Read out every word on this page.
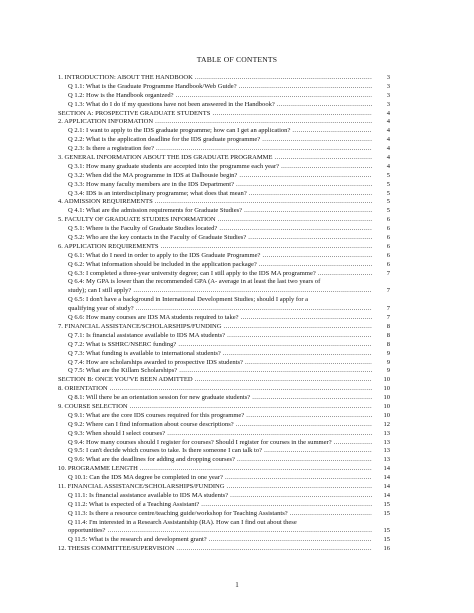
TABLE OF CONTENTS
1. INTRODUCTION: ABOUT THE HANDBOOK .....	3
Q 1.1: What is the Graduate Programme Handbook/Web Guide? .....	3
Q 1.2: How is the Handbook organized? .....	3
Q 1.3: What do I do if my questions have not been answered in the Handbook? .....	3
SECTION A: PROSPECTIVE GRADUATE STUDENTS .....	4
2. APPLICATION INFORMATION .....	4
Q 2.1: I want to apply to the IDS graduate programme; how can I get an application? .....	4
Q 2.2: What is the application deadline for the IDS graduate programme? .....	4
Q 2.3: Is there a registration fee? .....	4
3. GENERAL INFORMATION ABOUT THE IDS GRADUATE PROGRAMME .....	4
Q 3.1: How many graduate students are accepted into the programme each year? .....	4
Q 3.2: When did the MA programme in IDS at Dalhousie begin? .....	5
Q 3.3: How many faculty members are in the IDS Department? .....	5
Q 3.4: IDS is an interdisciplinary programme; what does that mean? .....	5
4. ADMISSION REQUIREMENTS .....	5
Q 4.1: What are the admission requirements for Graduate Studies? .....	5
5. FACULTY OF GRADUATE STUDIES INFORMATION .....	6
Q 5.1: Where is the Faculty of Graduate Studies located? .....	6
Q 5.2: Who are the key contacts in the Faculty of Graduate Studies? .....	6
6. APPLICATION REQUIREMENTS .....	6
Q 6.1: What do I need in order to apply to the IDS Graduate Programme? .....	6
Q 6.2: What information should be included in the application package? .....	6
Q 6.3: I completed a three-year university degree; can I still apply to the IDS MA programme? .....	7
Q 6.4: My GPA is lower than the recommended GPA (A- average in at least the last two years of
study); can I still apply? .....	7
Q 6.5: I don't have a background in International Development Studies; should I apply for a
qualifying year of study? .....	7
Q 6.6: How many courses are IDS MA students required to take? .....	7
7. FINANCIAL ASSISTANCE/SCHOLARSHIPS/FUNDING .....	8
Q 7.1: Is financial assistance available to IDS MA students? .....	8
Q 7.2: What is SSHRC/NSERC funding? .....	8
Q 7.3: What funding is available to international students? .....	9
Q 7.4: How are scholarships awarded to prospective IDS students? .....	9
Q 7.5: What are the Killam Scholarships? .....	9
SECTION B: ONCE YOU'VE BEEN ADMITTED .....	10
8. ORIENTATION .....	10
Q 8.1: Will there be an orientation session for new graduate students? .....	10
9. COURSE SELECTION .....	10
Q 9.1: What are the core IDS courses required for this programme? .....	10
Q 9.2: Where can I find information about course descriptions? .....	12
Q 9.3: When should I select courses? .....	13
Q 9.4: How many courses should I register for courses? Should I register for courses in the summer? .....	13
Q 9.5: I can't decide which courses to take. Is there someone I can talk to? .....	13
Q 9.6: What are the deadlines for adding and dropping courses? .....	13
10. PROGRAMME LENGTH .....	14
Q 10.1: Can the IDS MA degree be completed in one year? .....	14
11. FINANCIAL ASSISTANCE/SCHOLARSHIPS/FUNDING .....	14
Q 11.1: Is financial assistance available to IDS MA students? .....	14
Q 11.2: What is expected of a Teaching Assistant? .....	15
Q 11.3: Is there a resource centre/teaching guide/workshop for Teaching Assistants? .....	15
Q 11.4: I'm interested in a Research Assistantship (RA). How can I find out about these
opportunities? .....	15
Q 11.5: What is the research and development grant? .....	15
12. THESIS COMMITTEE/SUPERVISION .....	16
1
